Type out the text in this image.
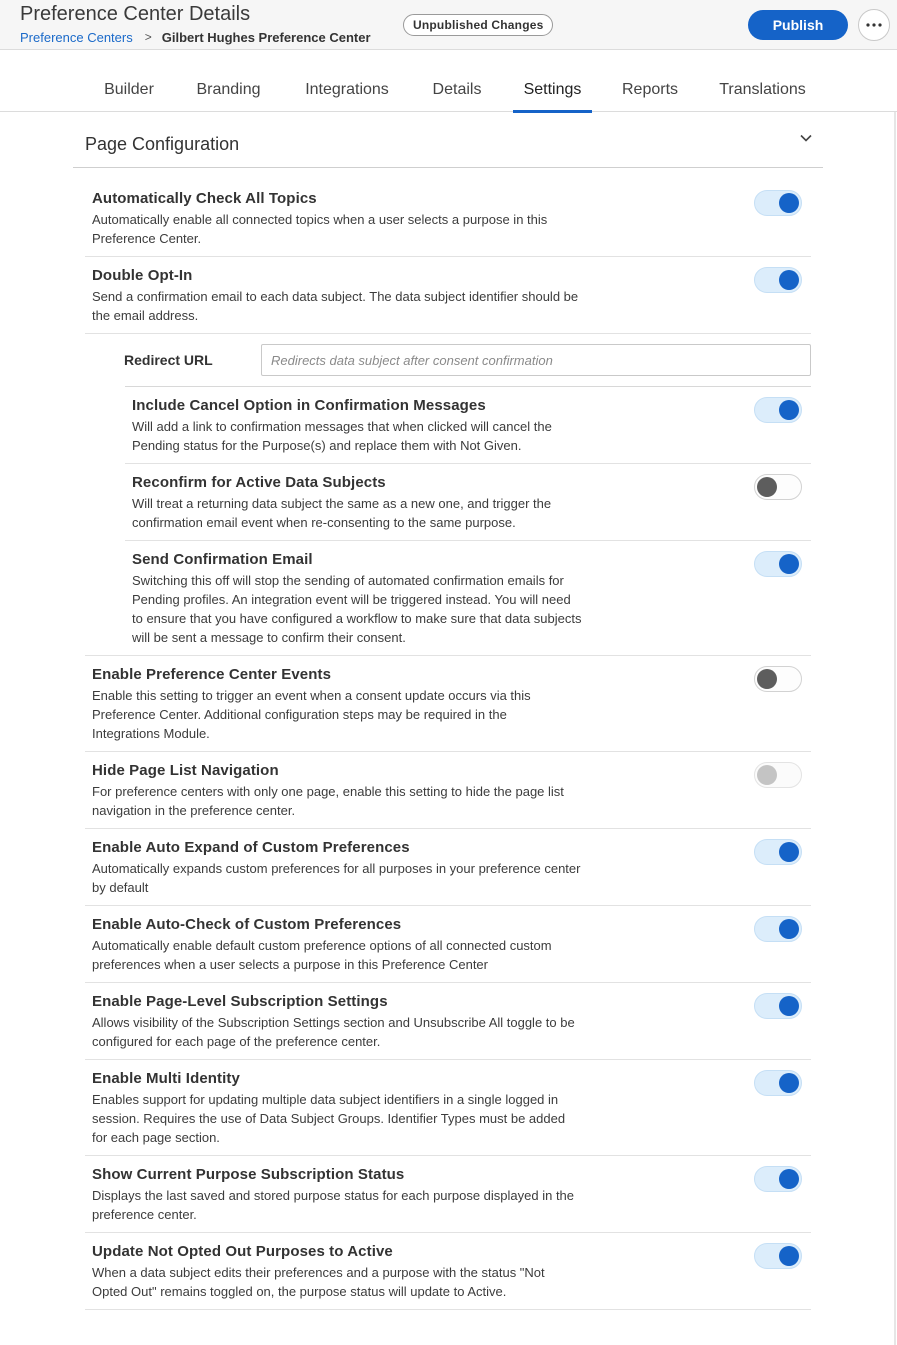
Preference Center Details
Preference Centers > Gilbert Hughes Preference Center
Unpublished Changes	Publish
Builder	Branding	Integrations	Details	Settings	Reports	Translations
Page Configuration
Automatically Check All Topics
Automatically enable all connected topics when a user selects a purpose in this Preference Center.
Double Opt-In
Send a confirmation email to each data subject. The data subject identifier should be the email address.
Redirect URL
Redirects data subject after consent confirmation
Include Cancel Option in Confirmation Messages
Will add a link to confirmation messages that when clicked will cancel the Pending status for the Purpose(s) and replace them with Not Given.
Reconfirm for Active Data Subjects
Will treat a returning data subject the same as a new one, and trigger the confirmation email event when re-consenting to the same purpose.
Send Confirmation Email
Switching this off will stop the sending of automated confirmation emails for Pending profiles. An integration event will be triggered instead. You will need to ensure that you have configured a workflow to make sure that data subjects will be sent a message to confirm their consent.
Enable Preference Center Events
Enable this setting to trigger an event when a consent update occurs via this Preference Center. Additional configuration steps may be required in the Integrations Module.
Hide Page List Navigation
For preference centers with only one page, enable this setting to hide the page list navigation in the preference center.
Enable Auto Expand of Custom Preferences
Automatically expands custom preferences for all purposes in your preference center by default
Enable Auto-Check of Custom Preferences
Automatically enable default custom preference options of all connected custom preferences when a user selects a purpose in this Preference Center
Enable Page-Level Subscription Settings
Allows visibility of the Subscription Settings section and Unsubscribe All toggle to be configured for each page of the preference center.
Enable Multi Identity
Enables support for updating multiple data subject identifiers in a single logged in session. Requires the use of Data Subject Groups. Identifier Types must be added for each page section.
Show Current Purpose Subscription Status
Displays the last saved and stored purpose status for each purpose displayed in the preference center.
Update Not Opted Out Purposes to Active
When a data subject edits their preferences and a purpose with the status "Not Opted Out" remains toggled on, the purpose status will update to Active.
